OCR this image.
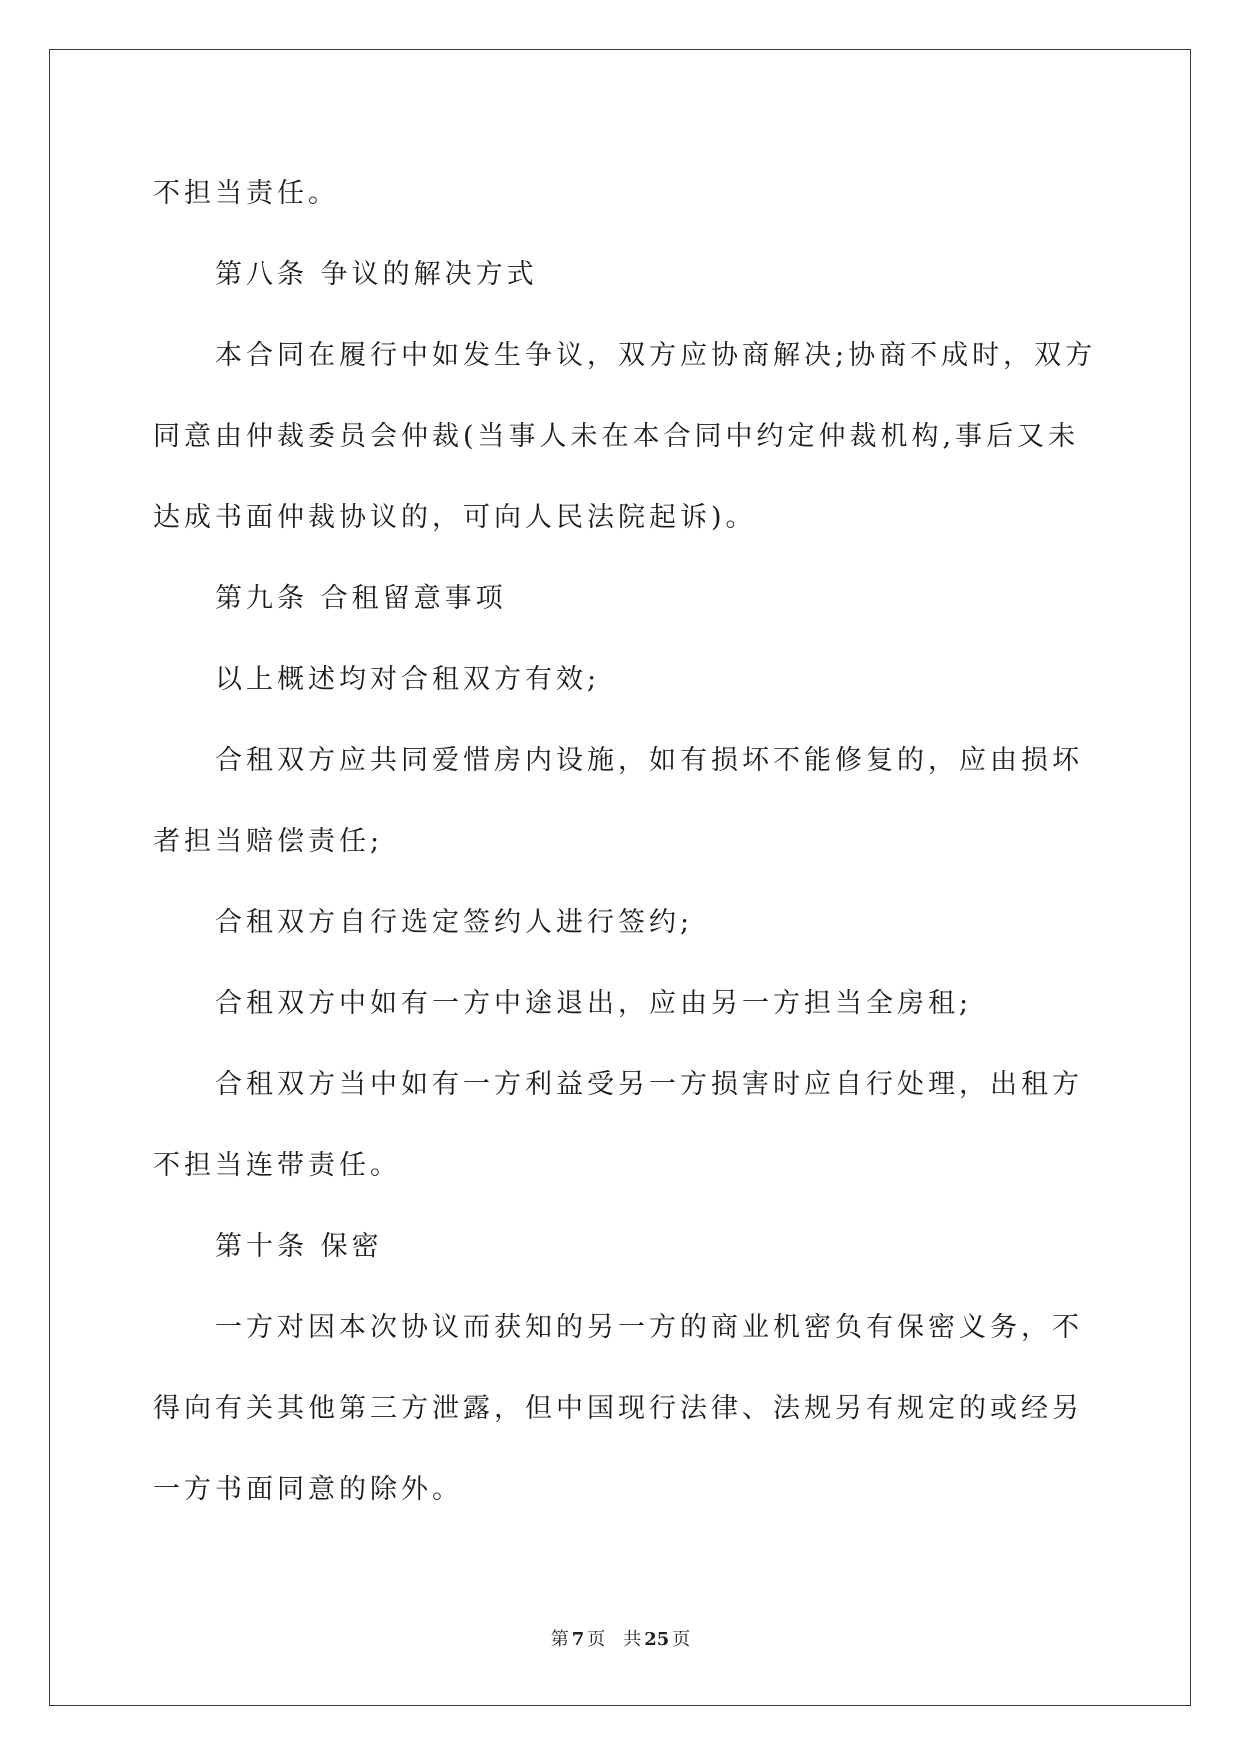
不担当责任。
第八条 争议的解决方式
本合同在履行中如发生争议，双方应协商解决;协商不成时，双方
同意由仲裁委员会仲裁(当事人未在本合同中约定仲裁机构,事后又未
达成书面仲裁协议的，可向人民法院起诉)。
第九条 合租留意事项
以上概述均对合租双方有效;
合租双方应共同爱惜房内设施，如有损坏不能修复的，应由损坏
者担当赔偿责任;
合租双方自行选定签约人进行签约;
合租双方中如有一方中途退出，应由另一方担当全房租;
合租双方当中如有一方利益受另一方损害时应自行处理，出租方
不担当连带责任。
第十条 保密
一方对因本次协议而获知的另一方的商业机密负有保密义务，不
得向有关其他第三方泄露，但中国现行法律、法规另有规定的或经另
一方书面同意的除外。
第 7 页 共 25 页
